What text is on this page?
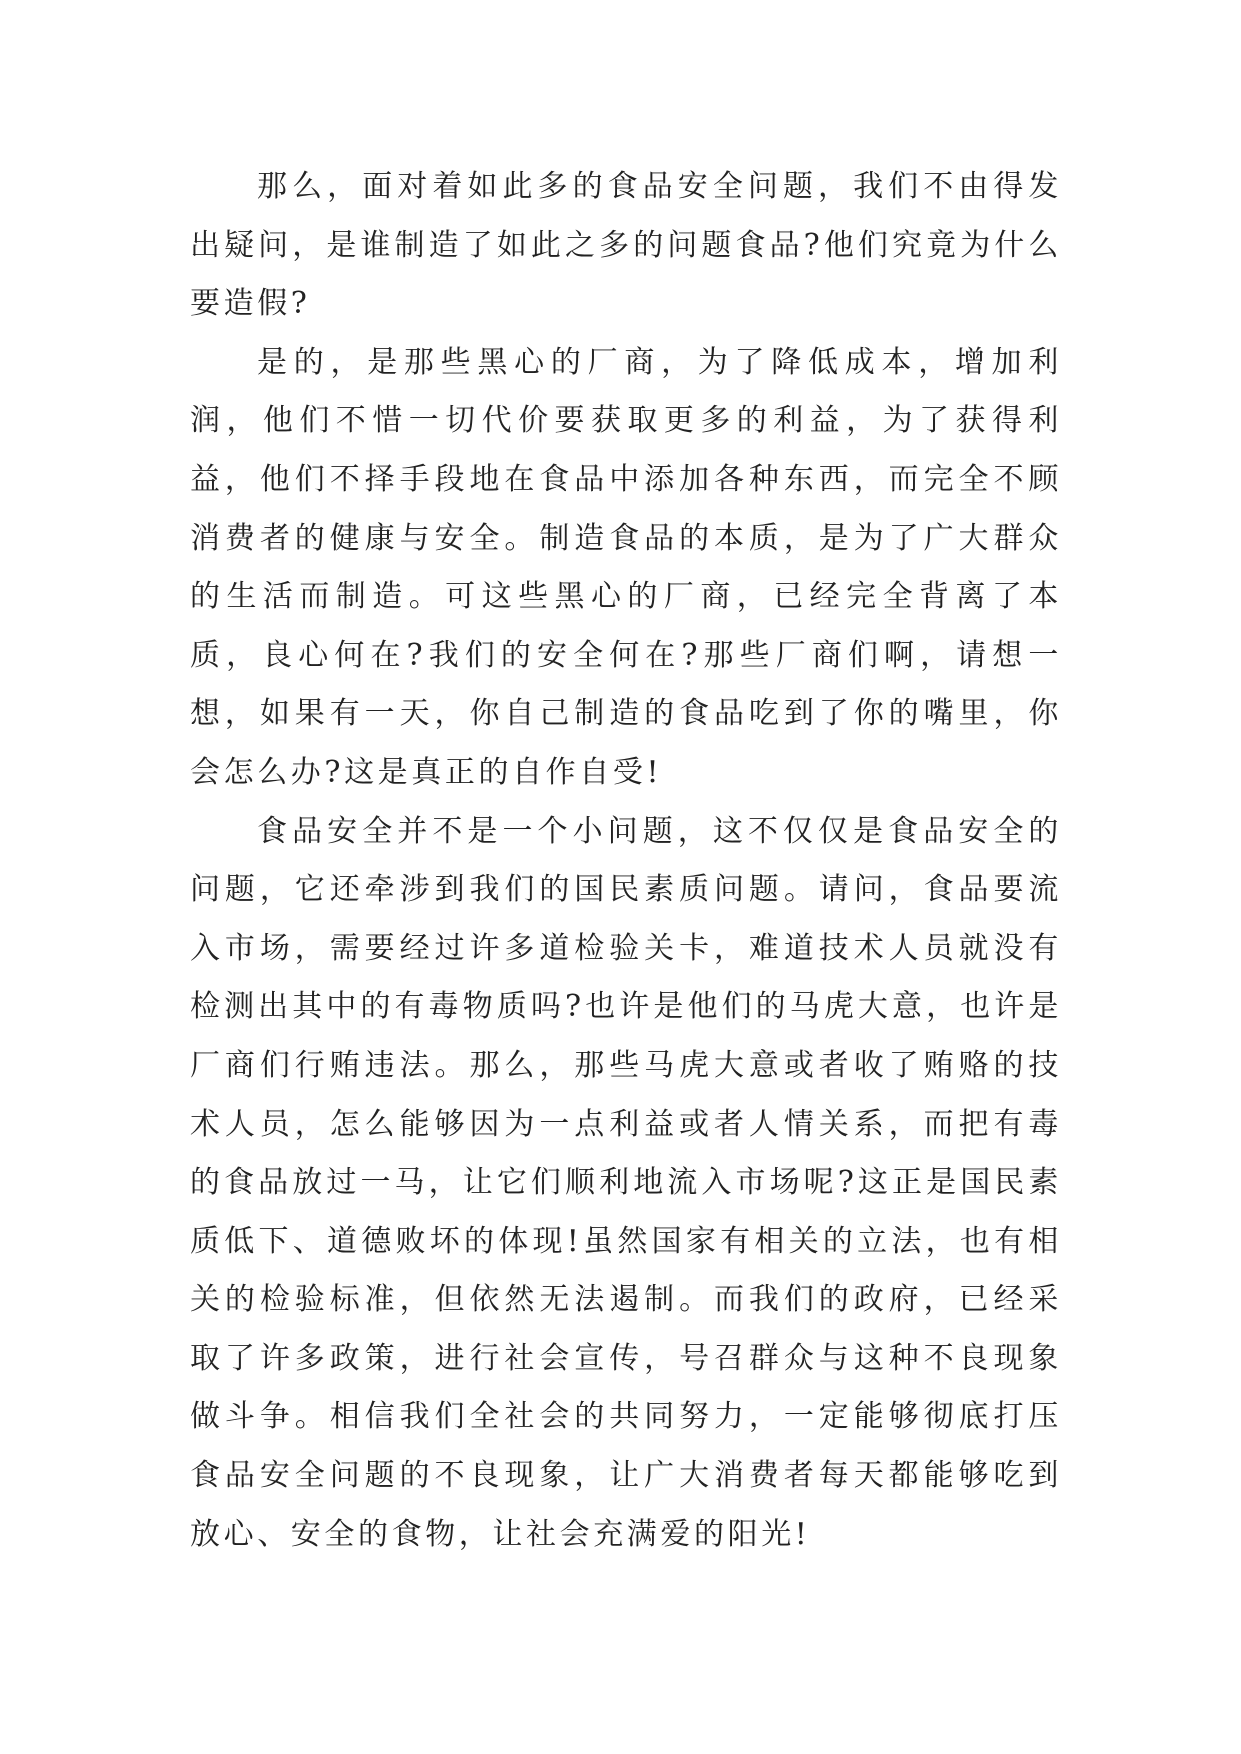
那么，面对着如此多的食品安全问题，我们不由得发出疑问，是谁制造了如此之多的问题食品?他们究竟为什么要造假?

是的，是那些黑心的厂商，为了降低成本，增加利润，他们不惜一切代价要获取更多的利益，为了获得利益，他们不择手段地在食品中添加各种东西，而完全不顾消费者的健康与安全。制造食品的本质，是为了广大群众的生活而制造。可这些黑心的厂商，已经完全背离了本质，良心何在?我们的安全何在?那些厂商们啊，请想一想，如果有一天，你自己制造的食品吃到了你的嘴里，你会怎么办?这是真正的自作自受!

食品安全并不是一个小问题，这不仅仅是食品安全的问题，它还牵涉到我们的国民素质问题。请问，食品要流入市场，需要经过许多道检验关卡，难道技术人员就没有检测出其中的有毒物质吗?也许是他们的马虎大意，也许是厂商们行贿违法。那么，那些马虎大意或者收了贿赂的技术人员，怎么能够因为一点利益或者人情关系，而把有毒的食品放过一马，让它们顺利地流入市场呢?这正是国民素质低下、道德败坏的体现!虽然国家有相关的立法，也有相关的检验标准，但依然无法遏制。而我们的政府，已经采取了许多政策，进行社会宣传，号召群众与这种不良现象做斗争。相信我们全社会的共同努力，一定能够彻底打压食品安全问题的不良现象，让广大消费者每天都能够吃到放心、安全的食物，让社会充满爱的阳光!
